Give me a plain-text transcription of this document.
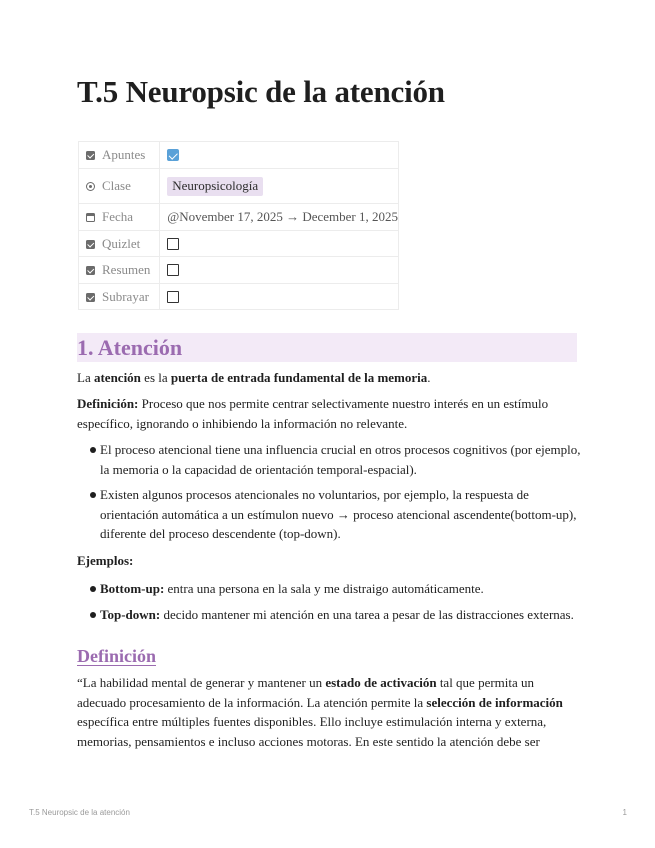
T.5 Neuropsic de la atención
Apuntes	
Clase	Neuropsicología
Fecha	@November 17, 2025 → December 1, 2025
Quizlet	
Resumen	
Subrayar	
1. Atención

La atención es la puerta de entrada fundamental de la memoria.

Definición: Proceso que nos permite centrar selectivamente nuestro interés en un estímulo específico, ignorando o inhibiendo la información no relevante.

El proceso atencional tiene una influencia crucial en otros procesos cognitivos (por ejemplo, la memoria o la capacidad de orientación temporal-espacial).

Existen algunos procesos atencionales no voluntarios, por ejemplo, la respuesta de orientación automática a un estímulon nuevo → proceso atencional ascendente(bottom-up), diferente del proceso descendente (top-down).

Ejemplos:

Bottom-up: entra una persona en la sala y me distraigo automáticamente.

Top-down: decido mantener mi atención en una tarea a pesar de las distracciones externas.

Definición

“La habilidad mental de generar y mantener un estado de activación tal que permita un adecuado procesamiento de la información. La atención permite la selección de información específica entre múltiples fuentes disponibles. Ello incluye estimulación interna y externa, memorias, pensamientos e incluso acciones motoras. En este sentido la atención debe ser

T.5 Neuropsic de la atención	1
